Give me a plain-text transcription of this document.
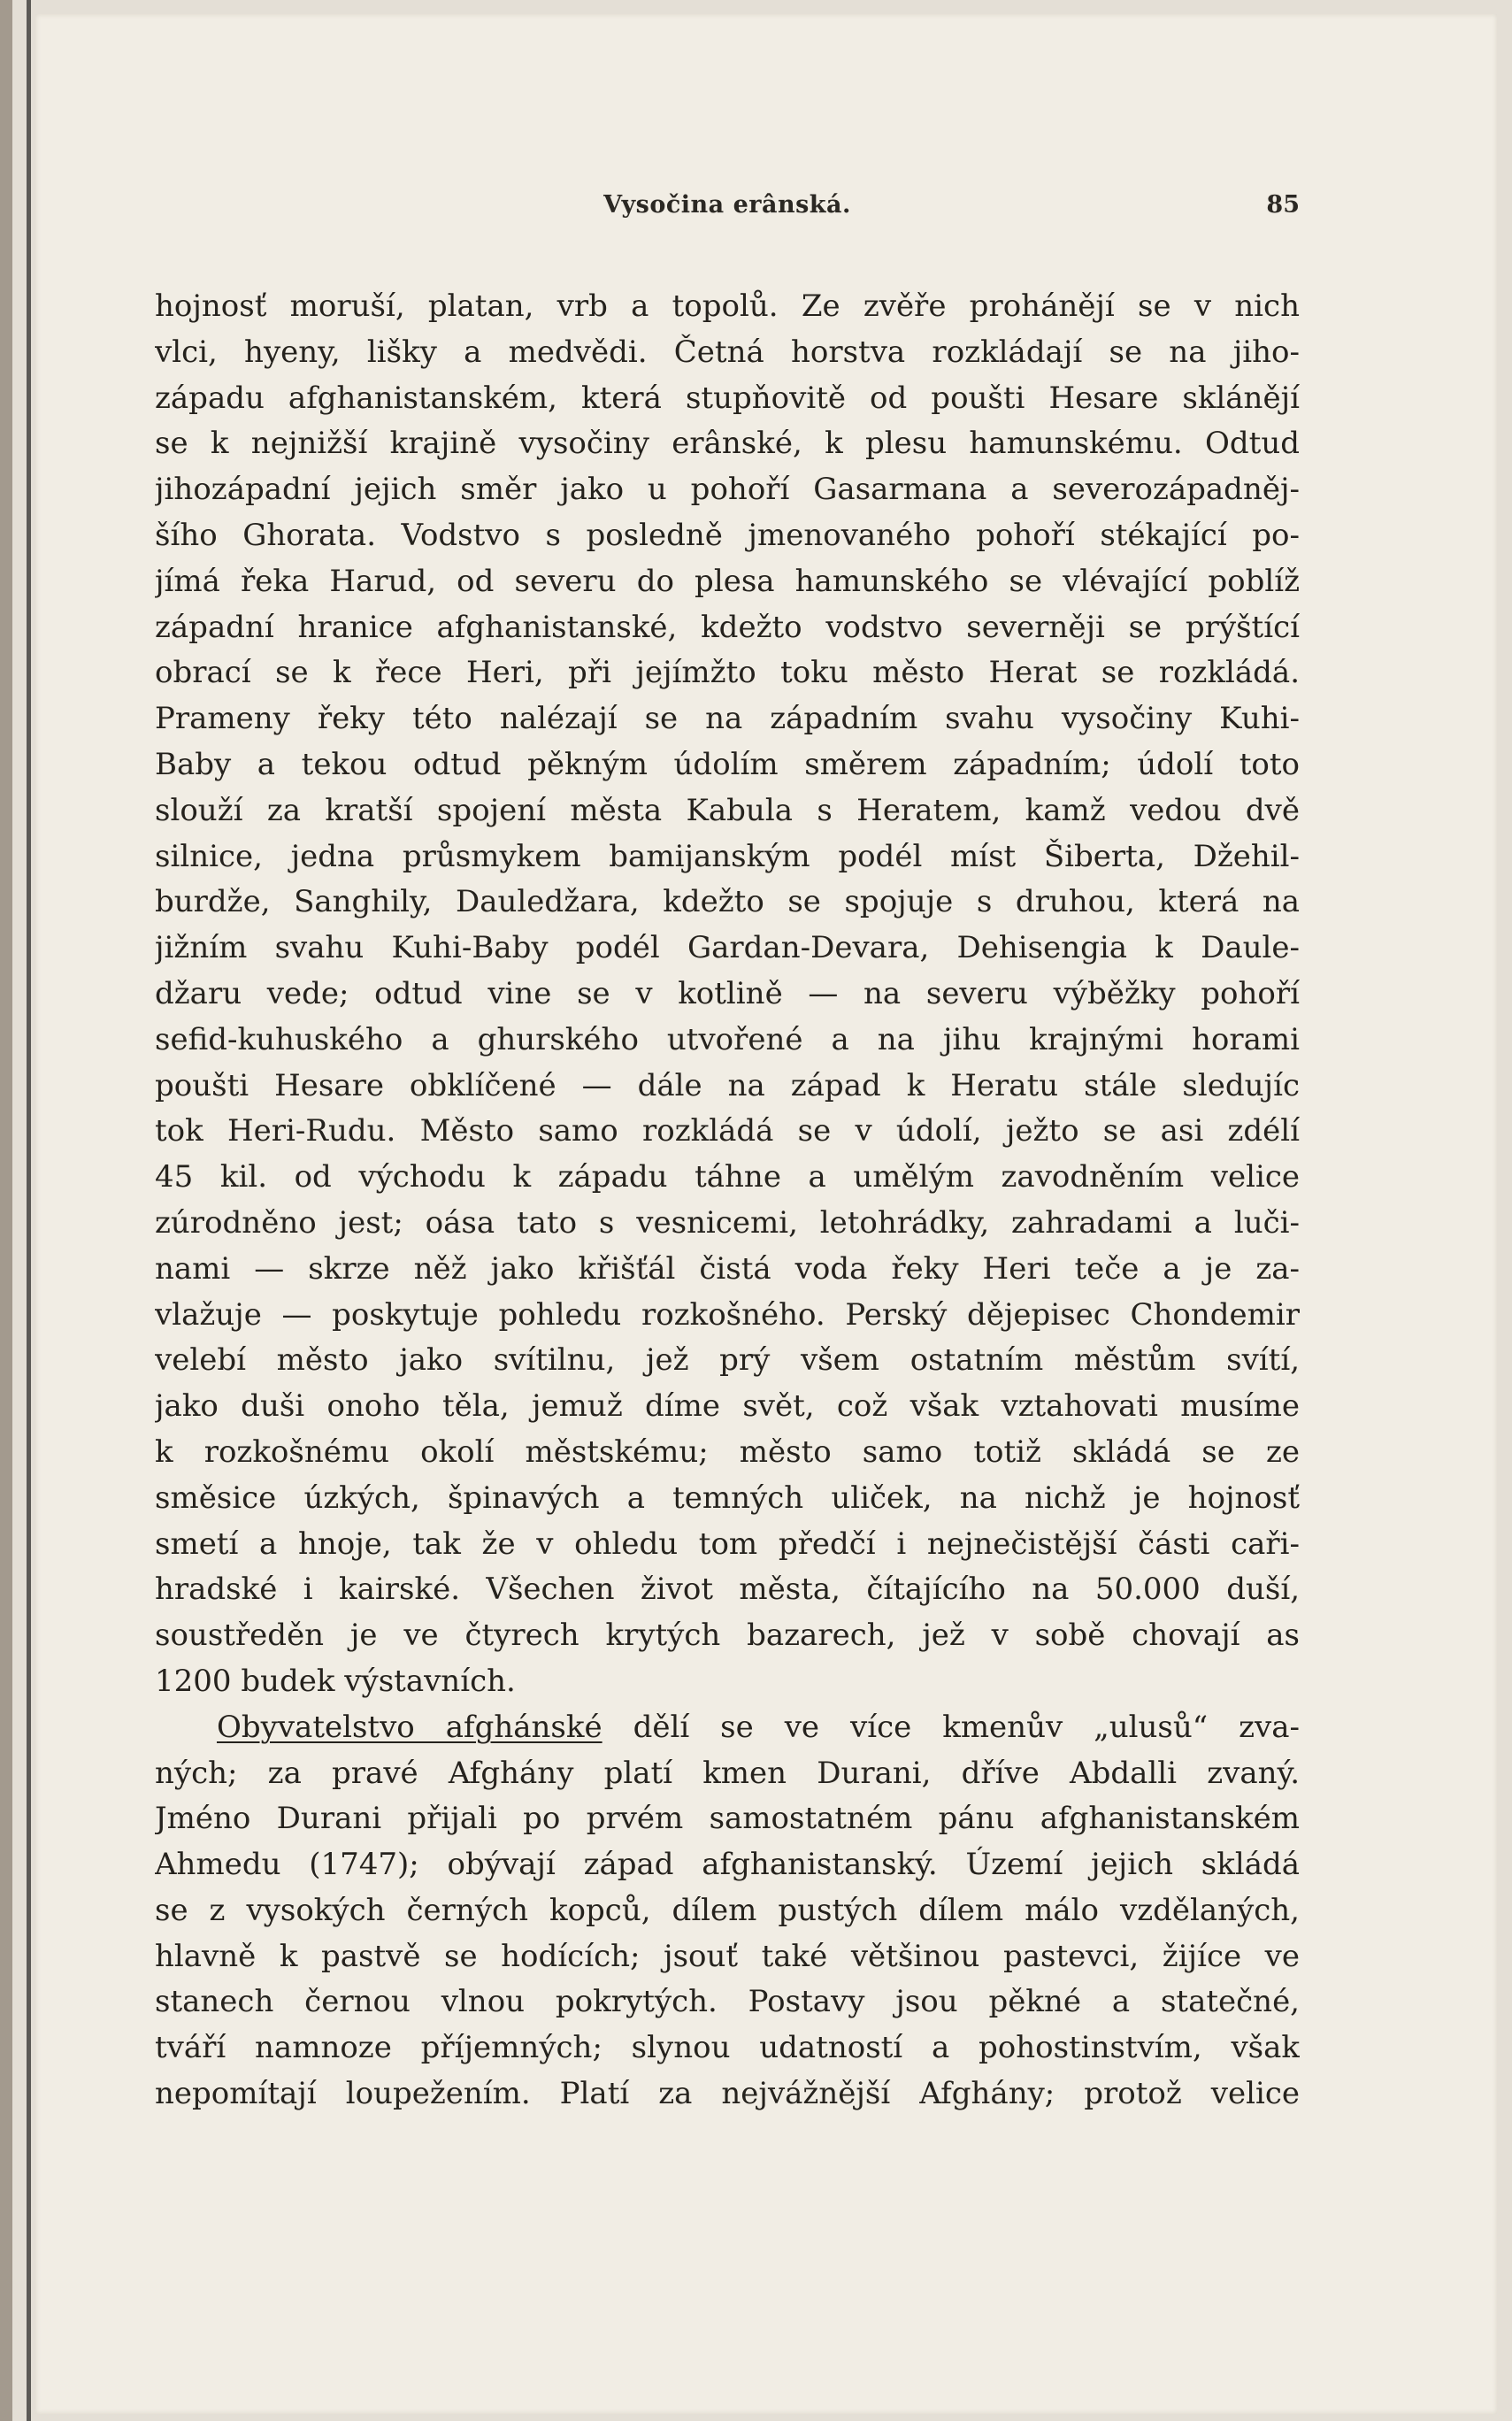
Vysočina erânská.	85
hojnosť moruší, platan, vrb a topolů. Ze zvěře prohánějí se v nich
vlci, hyeny, lišky a medvědi. Četná horstva rozkládají se na jiho-
západu afghanistanském, která stupňovitě od poušti Hesare sklánějí
se k nejnižší krajině vysočiny erânské, k plesu hamunskému. Odtud
jihozápadní jejich směr jako u pohoří Gasarmana a severozápadněj-
šího Ghorata. Vodstvo s posledně jmenovaného pohoří stékající po-
jímá řeka Harud, od severu do plesa hamunského se vlévající poblíž
západní hranice afghanistanské, kdežto vodstvo severněji se prýštící
obrací se k řece Heri, při jejímžto toku město Herat se rozkládá.
Prameny řeky této nalézají se na západním svahu vysočiny Kuhi-
Baby a tekou odtud pěkným údolím směrem západním; údolí toto
slouží za kratší spojení města Kabula s Heratem, kamž vedou dvě
silnice, jedna průsmykem bamijanským podél míst Šiberta, Džehil-
burdže, Sanghily, Dauledžara, kdežto se spojuje s druhou, která na
jižním svahu Kuhi-Baby podél Gardan-Devara, Dehisengia k Daule-
džaru vede; odtud vine se v kotlině — na severu výběžky pohoří
sefid-kuhuského a ghurského utvořené a na jihu krajnými horami
poušti Hesare obklíčené — dále na západ k Heratu stále sledujíc
tok Heri-Rudu. Město samo rozkládá se v údolí, ježto se asi zdélí
45 kil. od východu k západu táhne a umělým zavodněním velice
zúrodněno jest; oása tato s vesnicemi, letohrádky, zahradami a luči-
nami — skrze něž jako křišťál čistá voda řeky Heri teče a je za-
vlažuje — poskytuje pohledu rozkošného. Perský dějepisec Chondemir
velebí město jako svítilnu, jež prý všem ostatním městům svítí,
jako duši onoho těla, jemuž díme svět, což však vztahovati musíme
k rozkošnému okolí městskému; město samo totiž skládá se ze
směsice úzkých, špinavých a temných uliček, na nichž je hojnosť
smetí a hnoje, tak že v ohledu tom předčí i nejnečistější části caři-
hradské i kairské. Všechen život města, čítajícího na 50.000 duší,
soustředěn je ve čtyrech krytých bazarech, jež v sobě chovají as
1200 budek výstavních.
Obyvatelstvo afghánské dělí se ve více kmenův „ulusů“ zva-
ných; za pravé Afghány platí kmen Durani, dříve Abdalli zvaný.
Jméno Durani přijali po prvém samostatném pánu afghanistanském
Ahmedu (1747); obývají západ afghanistanský. Území jejich skládá
se z vysokých černých kopců, dílem pustých dílem málo vzdělaných,
hlavně k pastvě se hodících; jsouť také většinou pastevci, žijíce ve
stanech černou vlnou pokrytých. Postavy jsou pěkné a statečné,
tváří namnoze příjemných; slynou udatností a pohostinstvím, však
nepomítají loupežením. Platí za nejvážnější Afghány; protož velice
